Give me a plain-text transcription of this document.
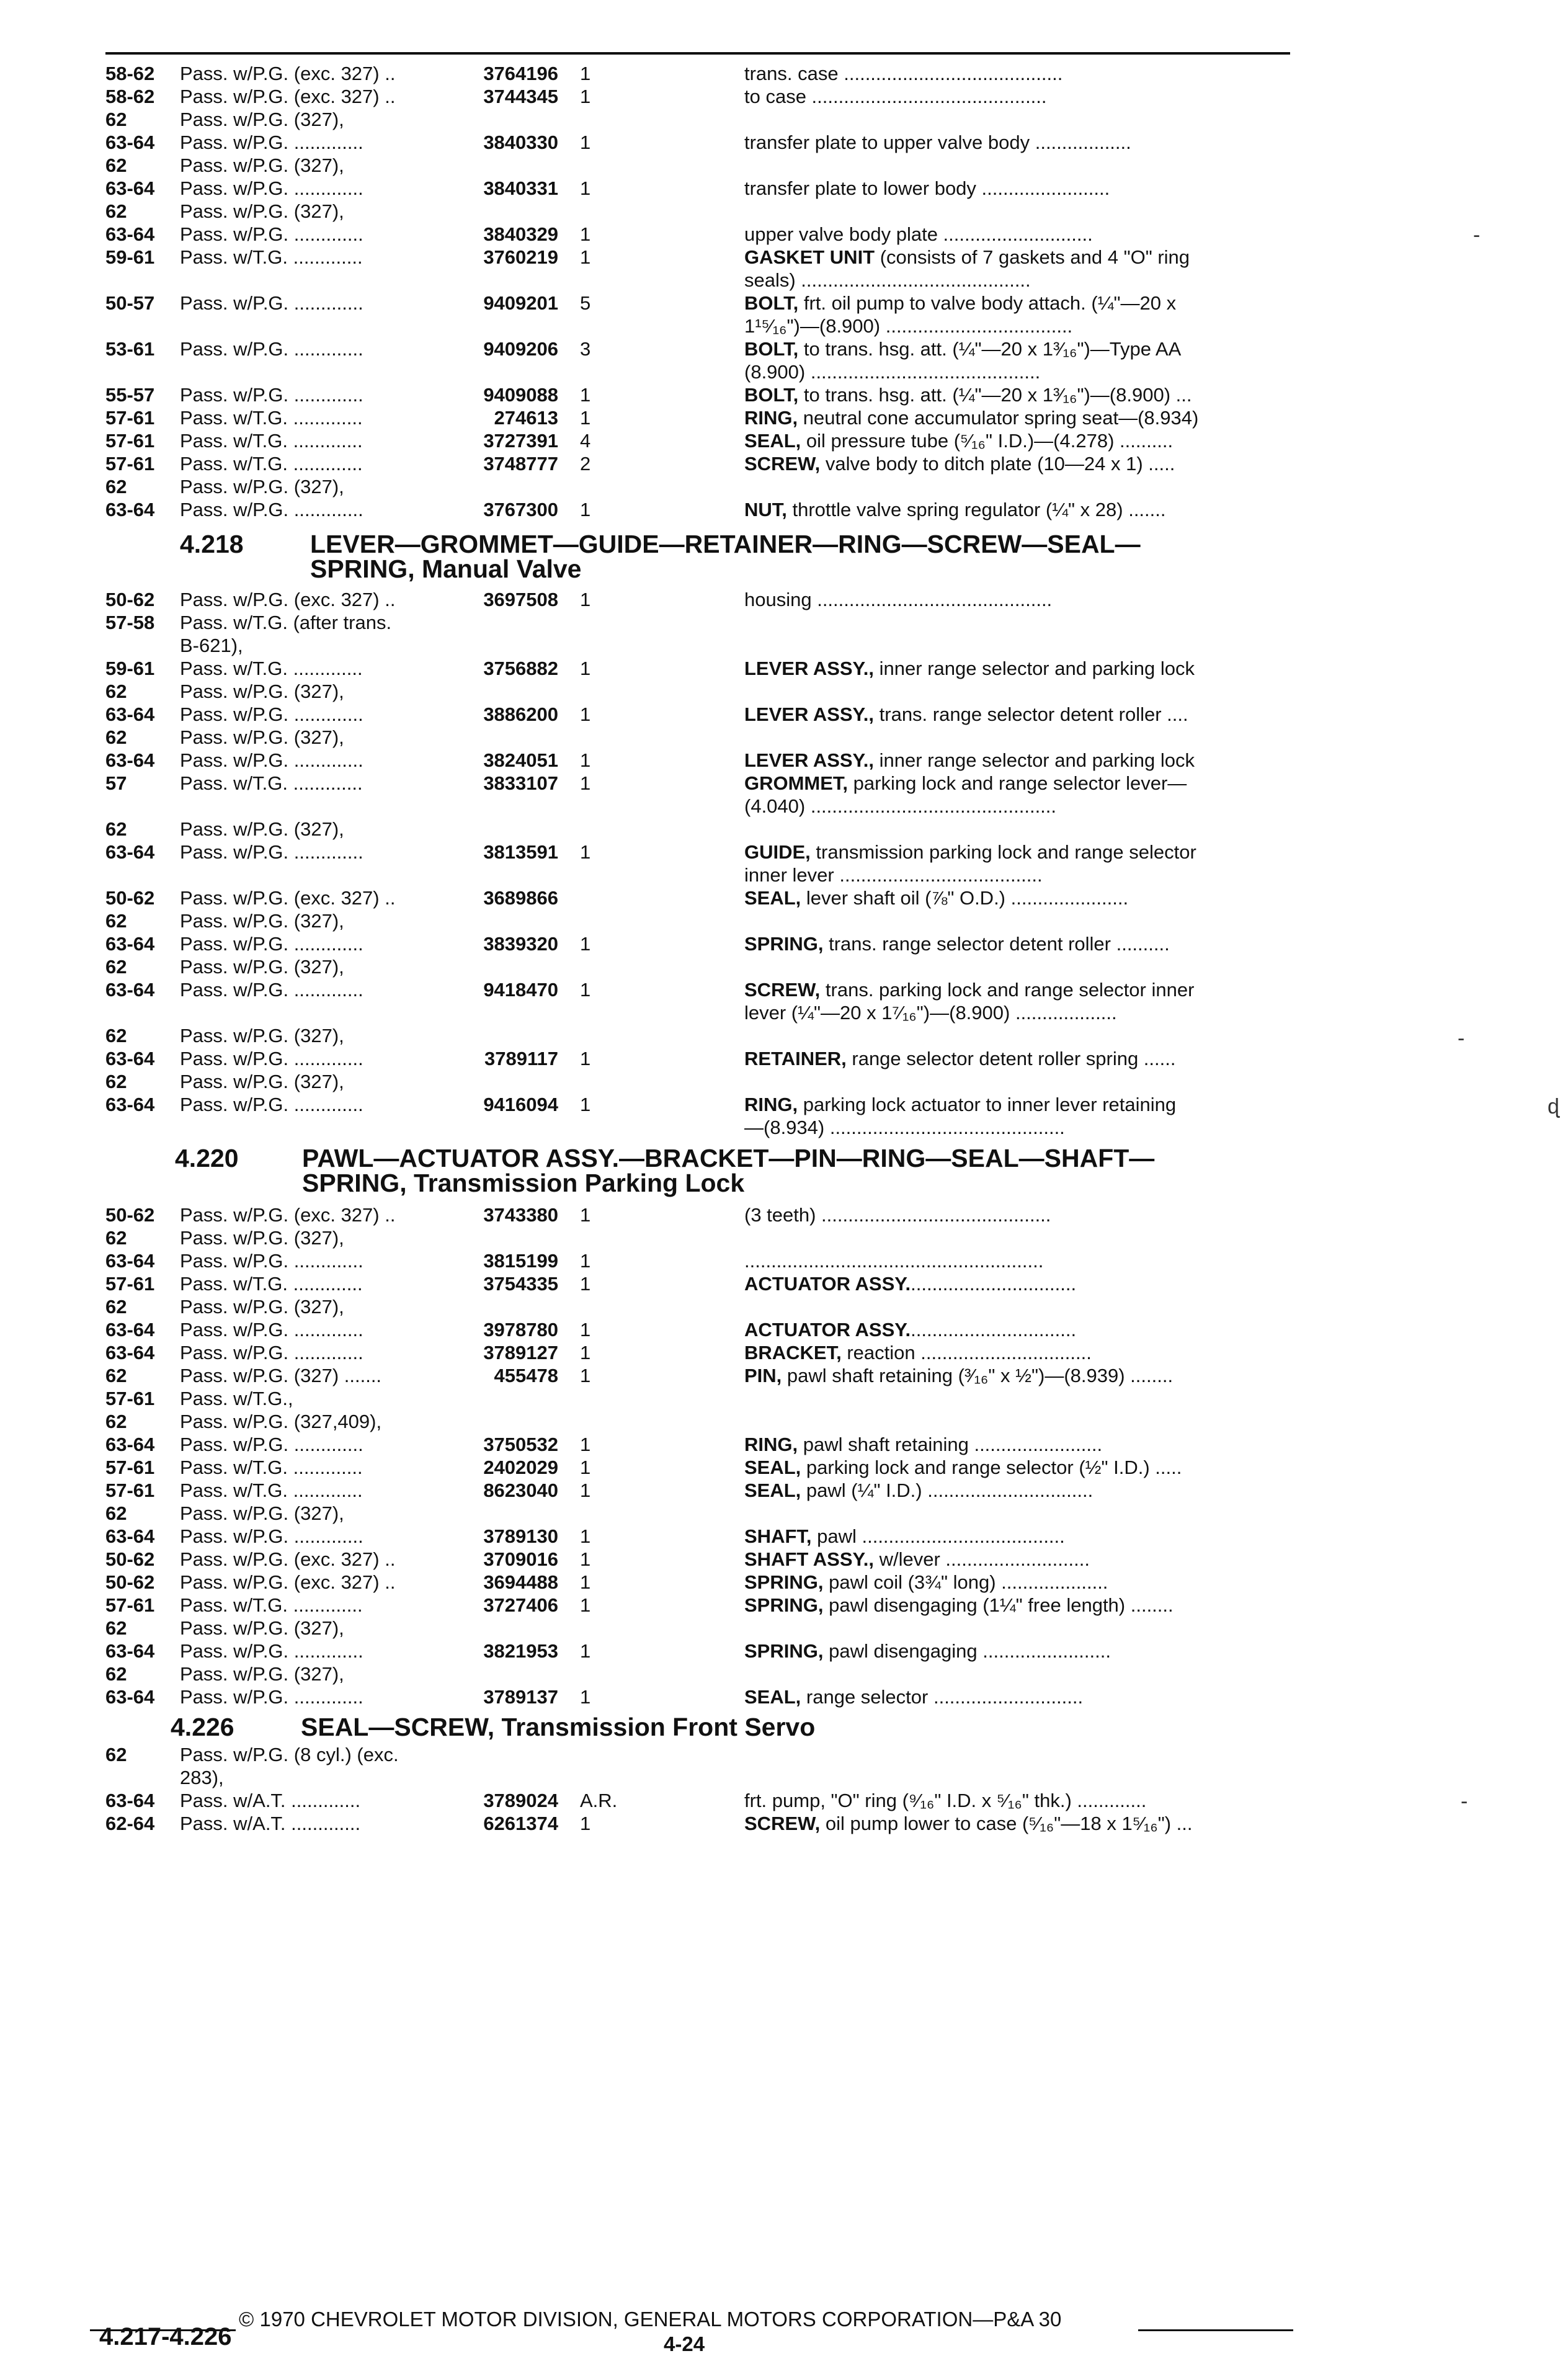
58-62 Pass. w/P.G. (exc. 327) ..	3764196 1	trans. case .........................................
58-62 Pass. w/P.G. (exc. 327) ..	3744345 1	to case ............................................
62	Pass. w/P.G. (327),
63-64 Pass. w/P.G. .............	3840330 1	transfer plate to upper valve body ..................
62	Pass. w/P.G. (327),
63-64 Pass. w/P.G. .............	3840331 1	transfer plate to lower body ........................
62	Pass. w/P.G. (327),
63-64 Pass. w/P.G. .............	3840329 1	upper valve body plate ............................
59-61 Pass. w/T.G. .............	3760219 1	GASKET UNIT (consists of 7 gaskets and 4 "O" ring
seals) ...........................................
50-57 Pass. w/P.G. .............	9409201 5	BOLT, frt. oil pump to valve body attach. (¼"—20 x
1¹⁵⁄₁₆")—(8.900) ...................................
53-61 Pass. w/P.G. .............	9409206 3	BOLT, to trans. hsg. att. (¼"—20 x 1³⁄₁₆")—Type AA
(8.900) ...........................................
55-57 Pass. w/P.G. .............	9409088 1	BOLT, to trans. hsg. att. (¼"—20 x 1³⁄₁₆")—(8.900) ...
57-61 Pass. w/T.G. .............	274613 1	RING, neutral cone accumulator spring seat—(8.934)
57-61 Pass. w/T.G. .............	3727391 4	SEAL, oil pressure tube (⁵⁄₁₆" I.D.)—(4.278) ..........
57-61 Pass. w/T.G. .............	3748777 2	SCREW, valve body to ditch plate (10—24 x 1) .....
62	Pass. w/P.G. (327),
63-64 Pass. w/P.G. .............	3767300 1	NUT, throttle valve spring regulator (¼" x 28) .......
4.218	LEVER—GROMMET—GUIDE—RETAINER—RING—SCREW—SEAL—
SPRING, Manual Valve
50-62 Pass. w/P.G. (exc. 327) ..	3697508 1	housing ............................................
57-58 Pass. w/T.G. (after trans.
B-621),
59-61 Pass. w/T.G. .............	3756882 1	LEVER ASSY., inner range selector and parking lock
62	Pass. w/P.G. (327),
63-64 Pass. w/P.G. .............	3886200 1	LEVER ASSY., trans. range selector detent roller ....
62	Pass. w/P.G. (327),
63-64 Pass. w/P.G. .............	3824051 1	LEVER ASSY., inner range selector and parking lock
57	Pass. w/T.G. .............	3833107 1	GROMMET, parking lock and range selector lever—
(4.040) ..............................................
62	Pass. w/P.G. (327),
63-64 Pass. w/P.G. .............	3813591 1	GUIDE, transmission parking lock and range selector
inner lever ......................................
50-62 Pass. w/P.G. (exc. 327) ..	3689866	SEAL, lever shaft oil (⅞" O.D.) ......................
62	Pass. w/P.G. (327),
63-64 Pass. w/P.G. .............	3839320 1	SPRING, trans. range selector detent roller ..........
62	Pass. w/P.G. (327),
63-64 Pass. w/P.G. .............	9418470 1	SCREW, trans. parking lock and range selector inner
lever (¼"—20 x 1⁷⁄₁₆")—(8.900) ...................
62	Pass. w/P.G. (327),
63-64 Pass. w/P.G. .............	3789117 1	RETAINER, range selector detent roller spring ......
62	Pass. w/P.G. (327),
63-64 Pass. w/P.G. .............	9416094 1	RING, parking lock actuator to inner lever retaining
—(8.934) ............................................
4.220 PAWL—ACTUATOR ASSY.—BRACKET—PIN—RING—SEAL—SHAFT—
SPRING, Transmission Parking Lock
50-62 Pass. w/P.G. (exc. 327) ..	3743380 1	(3 teeth) ...........................................
62	Pass. w/P.G. (327),
63-64 Pass. w/P.G. .............	3815199 1	........................................................
57-61 Pass. w/T.G. .............	3754335 1	ACTUATOR ASSY................................
62	Pass. w/P.G. (327),
63-64 Pass. w/P.G. .............	3978780 1	ACTUATOR ASSY................................
63-64 Pass. w/P.G. .............	3789127 1	BRACKET, reaction ................................
62	Pass. w/P.G. (327) .......	455478 1	PIN, pawl shaft retaining (³⁄₁₆" x ½")—(8.939) ........
57-61 Pass. w/T.G.,
62	Pass. w/P.G. (327,409),
63-64 Pass. w/P.G. .............	3750532 1	RING, pawl shaft retaining ........................
57-61 Pass. w/T.G. .............	2402029 1	SEAL, parking lock and range selector (½" I.D.) .....
57-61 Pass. w/T.G. .............	8623040 1	SEAL, pawl (¼" I.D.) ...............................
62	Pass. w/P.G. (327),
63-64 Pass. w/P.G. .............	3789130 1	SHAFT, pawl ......................................
50-62 Pass. w/P.G. (exc. 327) ..	3709016 1	SHAFT ASSY., w/lever ...........................
50-62 Pass. w/P.G. (exc. 327) ..	3694488 1	SPRING, pawl coil (3¾" long) ....................
57-61 Pass. w/T.G. .............	3727406 1	SPRING, pawl disengaging (1¼" free length) ........
62	Pass. w/P.G. (327),
63-64 Pass. w/P.G. .............	3821953 1	SPRING, pawl disengaging ........................
62	Pass. w/P.G. (327),
63-64 Pass. w/P.G. .............	3789137 1	SEAL, range selector ............................
4.226	SEAL—SCREW, Transmission Front Servo
62	Pass. w/P.G. (8 cyl.) (exc.
283),
63-64 Pass. w/A.T. .............	3789024 A.R.	frt. pump, "O" ring (⁹⁄₁₆" I.D. x ⁵⁄₁₆" thk.) .............
62-64 Pass. w/A.T. .............	6261374 1	SCREW, oil pump lower to case (⁵⁄₁₆"—18 x 1⁵⁄₁₆") ...
© 1970 CHEVROLET MOTOR DIVISION, GENERAL MOTORS CORPORATION—P&A 30
4.217-4.226	4-24
-
-
ɖ
-
